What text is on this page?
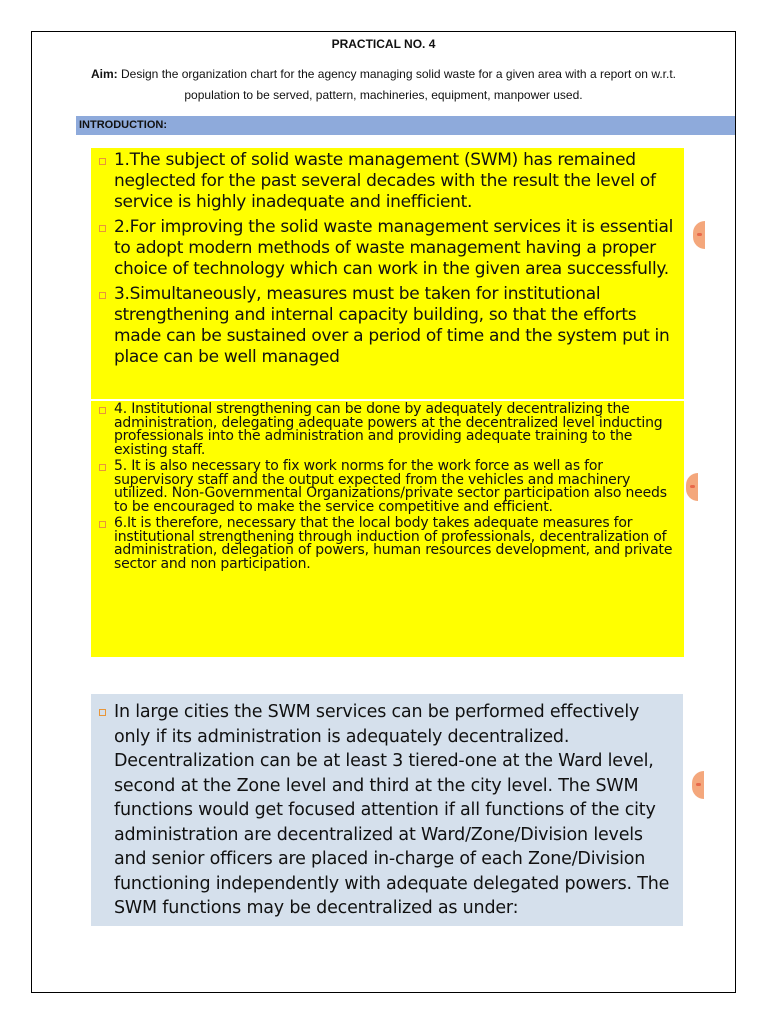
PRACTICAL NO. 4
Aim: Design the organization chart for the agency managing solid waste for a given area with a report on w.r.t.
population to be served, pattern, machineries, equipment, manpower used.
INTRODUCTION:
1.The subject of solid waste management (SWM) has remained neglected for the past several decades with the result the level of service is highly inadequate and inefficient.
2.For improving the solid waste management services it is essential to adopt modern methods of waste management having a proper choice of technology which can work in the given area successfully.
3.Simultaneously, measures must be taken for institutional strengthening and internal capacity building, so that the efforts made can be sustained over a period of time and the system put in place can be well managed
4. Institutional strengthening can be done by adequately decentralizing the administration, delegating adequate powers at the decentralized level inducting professionals into the administration and providing adequate training to the existing staff.
5. It is also necessary to fix work norms for the work force as well as for supervisory staff and the output expected from the vehicles and machinery utilized. Non-Governmental Organizations/private sector participation also needs to be encouraged to make the service competitive and efficient.
6.It is therefore, necessary that the local body takes adequate measures for institutional strengthening through induction of professionals, decentralization of administration, delegation of powers, human resources development, and private sector and non participation.
In large cities the SWM services can be performed effectively only if its administration is adequately decentralized. Decentralization can be at least 3 tiered-one at the Ward level, second at the Zone level and third at the city level. The SWM functions would get focused attention if all functions of the city administration are decentralized at Ward/Zone/Division levels and senior officers are placed in-charge of each Zone/Division functioning independently with adequate delegated powers. The SWM functions may be decentralized as under:
